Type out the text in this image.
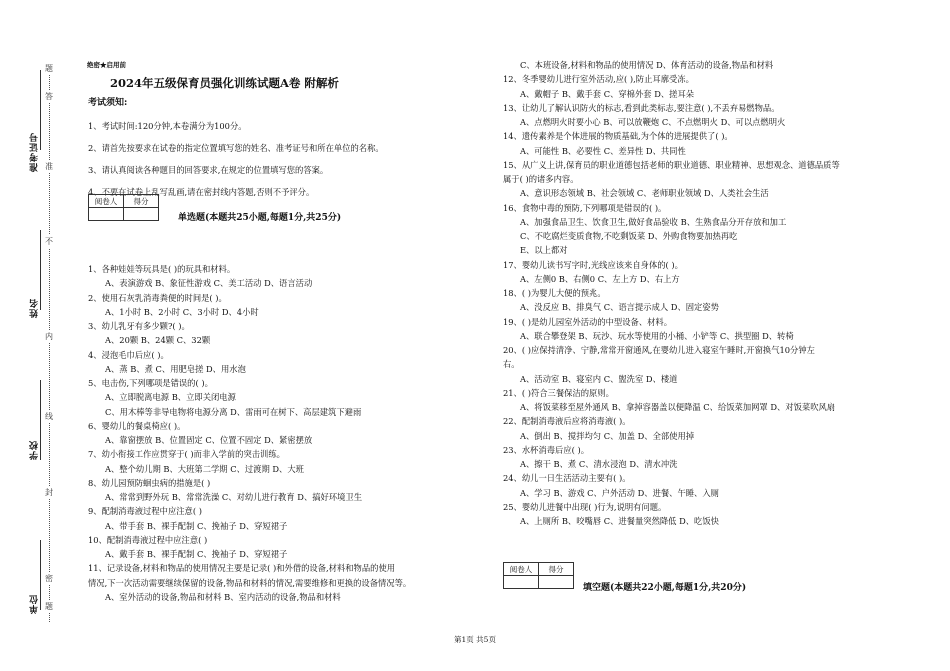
准考证号
姓名
学校
单位
密
封
线
内
不
准
答
题
题	绝密★启用前
2024年五级保育员强化训练试题A卷 附解析
考试须知:
1、考试时间:120分钟,本卷满分为100分。
2、请首先按要求在试卷的指定位置填写您的姓名、准考证号和所在单位的名称。
3、请认真阅读各种题目的回答要求,在规定的位置填写您的答案。
4、不要在试卷上乱写乱画,请在密封线内答题,否则不予评分。
阅卷人	得分

单选题(本题共25小题,每题1分,共25分)
1、各种娃娃等玩具是( )的玩具和材料。
A、表演游戏 B、象征性游戏 C、美工活动 D、语言活动
2、使用石灰乳消毒粪便的时间是( )。
A、1小时 B、2小时 C、3小时 D、4小时
3、幼儿乳牙有多少颗?( )。
A、20颗 B、24颗 C、32颗
4、浸泡毛巾后应( )。
A、蒸 B、煮 C、用肥皂搓 D、用水泡
5、电击伤,下列哪项是错误的( )。
A、立即脱离电源 B、立即关闭电源
C、用木棒等非导电物将电源分离 D、雷雨可在树下、高层建筑下避雨
6、婴幼儿的餐桌椅应( )。
A、靠窗摆放 B、位置固定 C、位置不固定 D、紧密摆放
7、幼小衔接工作应贯穿于( )而非入学前的突击训练。
A、整个幼儿期 B、大班第二学期 C、过渡期 D、大班
8、幼儿园预防蛔虫病的措施是( )
A、常常到野外玩 B、常常洗澡 C、对幼儿进行教育 D、搞好环境卫生
9、配制消毒液过程中应注意( )
A、带手套 B、裸手配制 C、挽袖子 D、穿短裙子
10、配制消毒液过程中应注意( )
A、戴手套 B、裸手配制 C、挽袖子 D、穿短裙子
11、记录设备,材料和物品的使用情况主要是记录( )和外借的设备,材料和物品的使用
情况,下一次活动需要继续保留的设备,物品和材料的情况,需要维修和更换的设备情况等。
A、室外活动的设备,物品和材料 B、室内活动的设备,物品和材料
C、本班设备,材料和物品的使用情况 D、体育活动的设备,物品和材料
12、冬季婴幼儿进行室外活动,应( ),防止耳廓受冻。
A、戴帽子 B、戴手套 C、穿棉外套 D、搓耳朵
13、让幼儿了解认识防火的标志,看到此类标志,要注意( ),不丢弃易燃物品。
A、点燃明火时要小心 B、可以放鞭炮 C、不点燃明火 D、可以点燃明火
14、遗传素养是个体进展的物质基础,为个体的进展提供了( )。
A、可能性 B、必要性 C、差异性 D、共同性
15、从广义上讲,保育员的职业道德包括老师的职业道德、职业精神、思想观念、道德品质等
属于( )的诸多内容。
A、意识形态领域 B、社会领域 C、老师职业领域 D、人类社会生活
16、食物中毒的预防,下列哪项是错误的( )。
A、加强食品卫生、饮食卫生,做好食品验收 B、生熟食品分开存放和加工
C、不吃腐烂变质食物,不吃剩饭菜 D、外购食物要加热再吃
E、以上都对
17、婴幼儿读书写字时,光线应该来自身体的( )。
A、左侧0 B、右侧0 C、左上方 D、右上方
18、( )为婴儿大便的预兆。
A、没反应 B、排臭气 C、语言提示成人 D、固定姿势
19、( )是幼儿园室外活动的中型设备、材料。
A、联合攀登架 B、玩沙、玩水等使用的小桶、小铲等 C、拱型圈 D、转椅
20、( )应保持清净、宁静,常常开窗通风,在婴幼儿进入寝室午睡时,开窗换气10分钟左
右。
A、活动室 B、寝室内 C、盥洗室 D、楼道
21、( )符合三餐保洁的原则。
A、将饭菜移至屋外通风 B、拿掉容器盖以便降温 C、给饭菜加网罩 D、对饭菜吹风扇
22、配制消毒液后应将消毒液( )。
A、倒出 B、搅拌均匀 C、加盖 D、全部使用掉
23、水杯消毒后应( )。
A、擦干 B、煮 C、清水浸泡 D、清水冲洗
24、幼儿一日生活活动主要有( )。
A、学习 B、游戏 C、户外活动 D、进餐、午睡、入厕
25、婴幼儿进餐中出现( )行为,说明有问题。
A、上厕所 B、咬嘴唇 C、进餐量突然降低 D、吃饭快
阅卷人	得分

填空题(本题共22小题,每题1分,共20分)
第1页 共5页
